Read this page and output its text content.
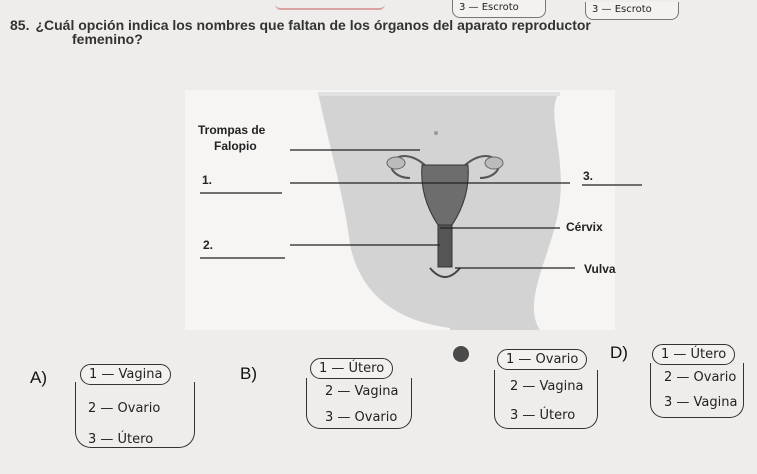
3 — Escroto	3 — Escroto
85. ¿Cuál opción indica los nombres que faltan de los órganos del aparato reproductor
femenino?
Trompas de
Falopio
1.
2.
3.
Cérvix
Vulva
A)	1 — Vagina
2 — Ovario
3 — Útero
B)	1 — Útero
2 — Vagina
3 — Ovario
1 — Ovario
2 — Vagina
3 — Útero
D)	1 — Útero
2 — Ovario
3 — Vagina
